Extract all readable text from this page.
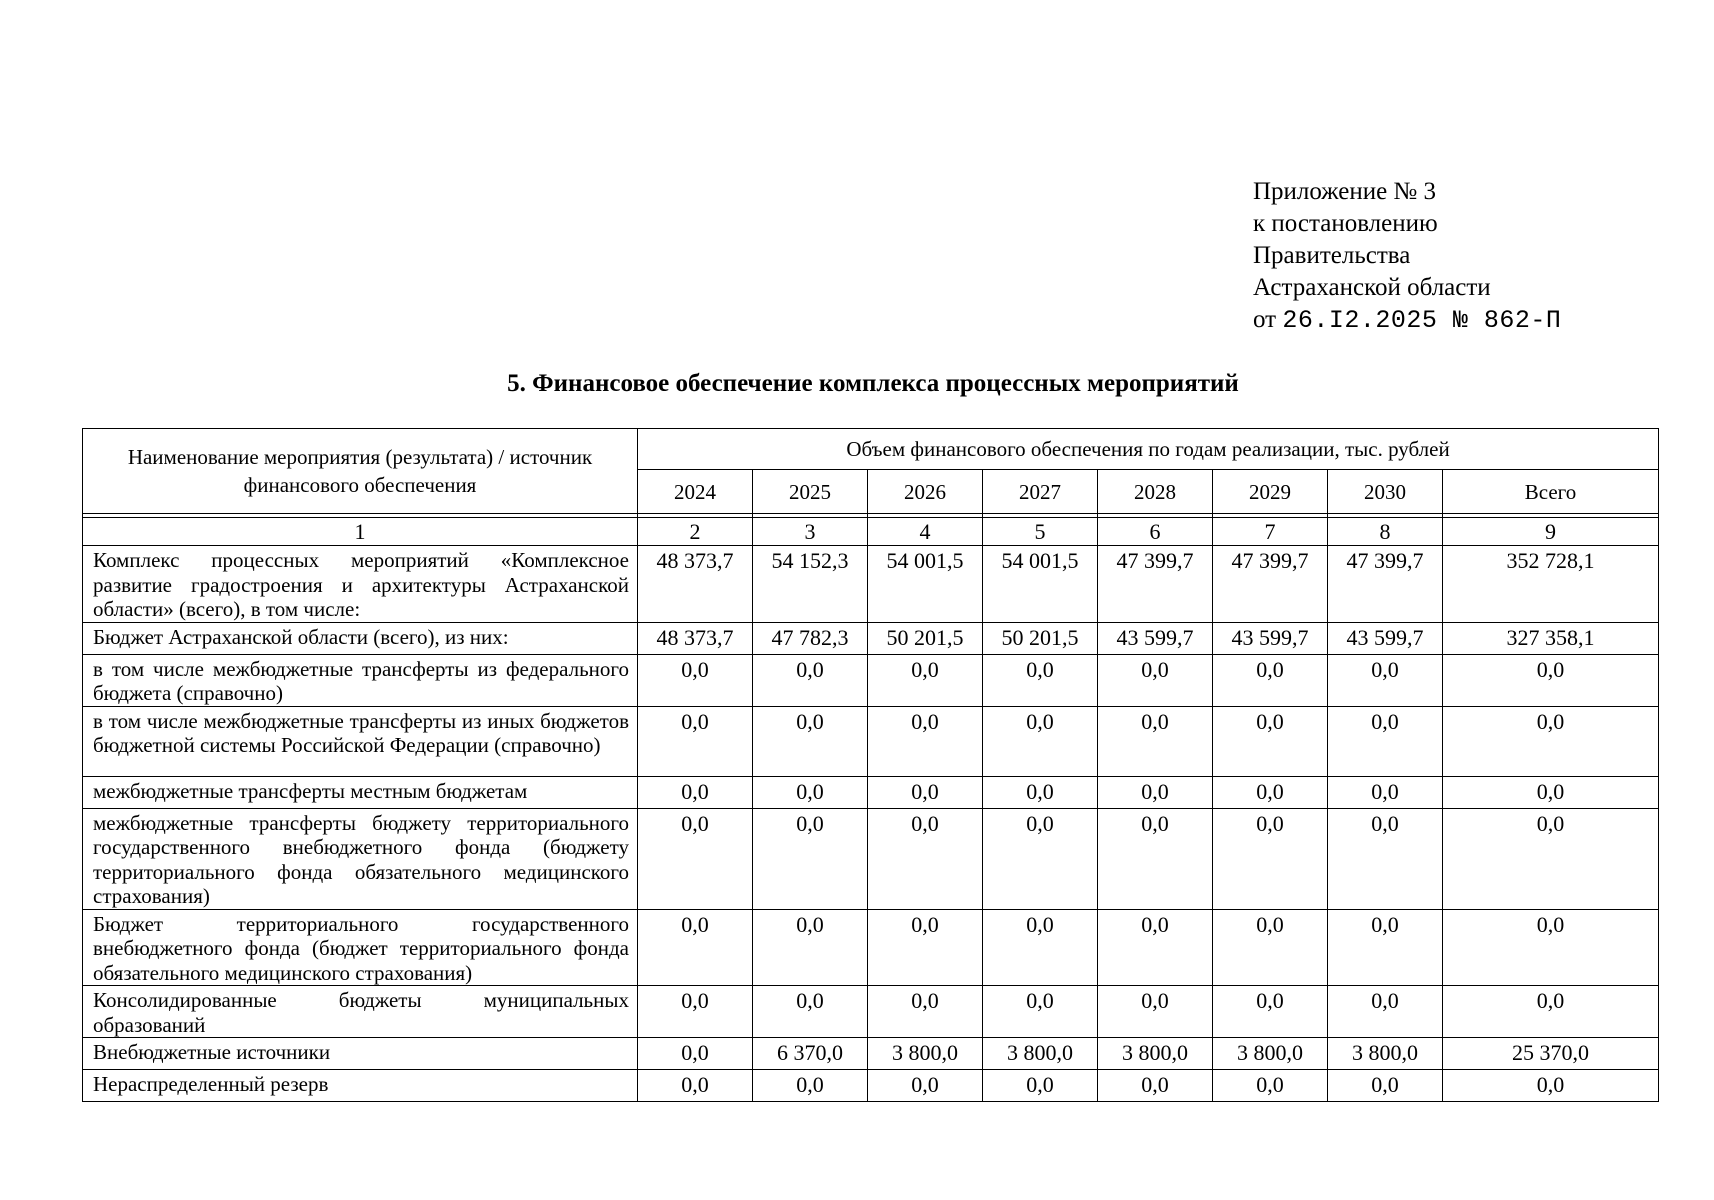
Приложение № 3
к постановлению
Правительства
Астраханской области
от 26.I2.2025 № 862-П
5. Финансовое обеспечение комплекса процессных мероприятий
Наименование мероприятия (результата) / источник финансового обеспечения	Объем финансового обеспечения по годам реализации, тыс. рублей							
	2024	2025	2026	2027	2028	2029	2030	Всего

1	2	3	4	5	6	7	8	9
Комплекс процессных мероприятий «Комплексное развитие градостроения и архитектуры Астраханской области» (всего), в том числе:	48 373,7	54 152,3	54 001,5	54 001,5	47 399,7	47 399,7	47 399,7	352 728,1
Бюджет Астраханской области (всего), из них:	48 373,7	47 782,3	50 201,5	50 201,5	43 599,7	43 599,7	43 599,7	327 358,1
в том числе межбюджетные трансферты из федерального бюджета (справочно)	0,0	0,0	0,0	0,0	0,0	0,0	0,0	0,0
в том числе межбюджетные трансферты из иных бюджетов бюджетной системы Российской Федерации (справочно)	0,0	0,0	0,0	0,0	0,0	0,0	0,0	0,0
межбюджетные трансферты местным бюджетам	0,0	0,0	0,0	0,0	0,0	0,0	0,0	0,0
межбюджетные трансферты бюджету территориального государственного внебюджетного фонда (бюджету территориального фонда обязательного медицинского страхования)	0,0	0,0	0,0	0,0	0,0	0,0	0,0	0,0
Бюджет территориального государственного внебюджетного фонда (бюджет территориального фонда обязательного медицинского страхования)	0,0	0,0	0,0	0,0	0,0	0,0	0,0	0,0
Консолидированные бюджеты муниципальных образований	0,0	0,0	0,0	0,0	0,0	0,0	0,0	0,0
Внебюджетные источники	0,0	6 370,0	3 800,0	3 800,0	3 800,0	3 800,0	3 800,0	25 370,0
Нераспределенный резерв	0,0	0,0	0,0	0,0	0,0	0,0	0,0	0,0
